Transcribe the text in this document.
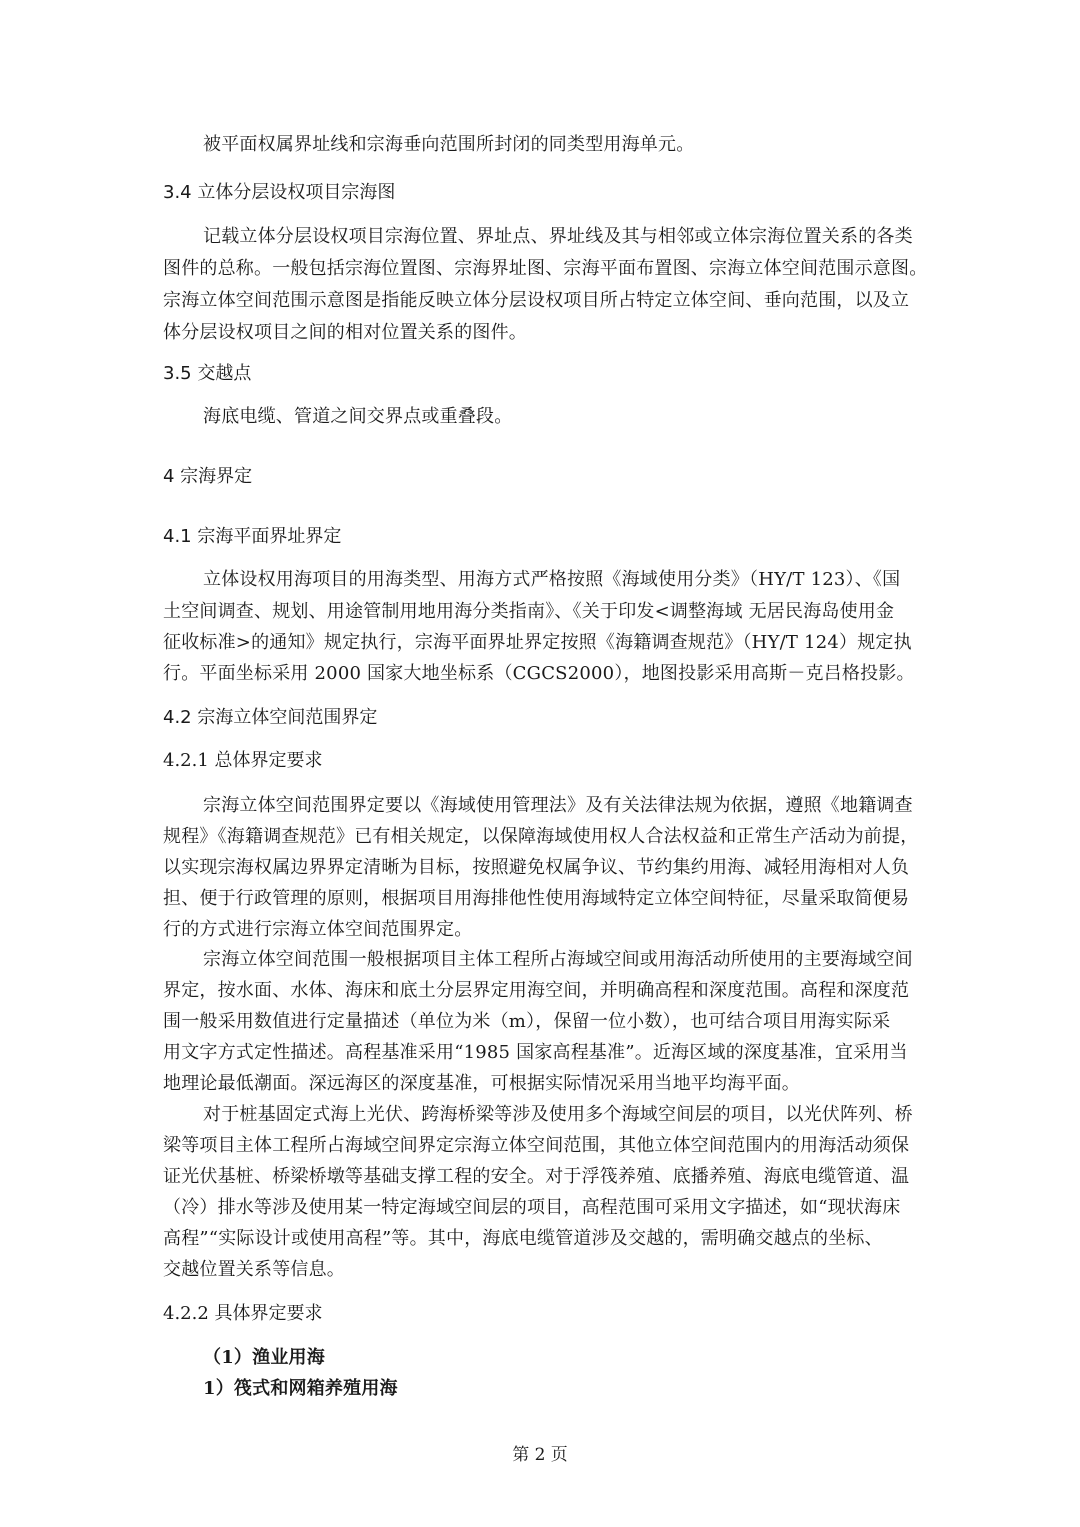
被平面权属界址线和宗海垂向范围所封闭的同类型用海单元。
3.4 立体分层设权项目宗海图
记载立体分层设权项目宗海位置、界址点、界址线及其与相邻或立体宗海位置关系的各类
图件的总称。一般包括宗海位置图、宗海界址图、宗海平面布置图、宗海立体空间范围示意图。
宗海立体空间范围示意图是指能反映立体分层设权项目所占特定立体空间、垂向范围，以及立
体分层设权项目之间的相对位置关系的图件。
3.5 交越点
海底电缆、管道之间交界点或重叠段。
4 宗海界定
4.1 宗海平面界址界定
立体设权用海项目的用海类型、用海方式严格按照《海域使用分类》（HY/T 123）、《国
土空间调查、规划、用途管制用地用海分类指南》、《关于印发<调整海域 无居民海岛使用金
征收标准>的通知》规定执行，宗海平面界址界定按照《海籍调查规范》（HY/T 124）规定执
行。平面坐标采用 2000 国家大地坐标系（CGCS2000），地图投影采用高斯－克吕格投影。
4.2 宗海立体空间范围界定
4.2.1 总体界定要求
宗海立体空间范围界定要以《海域使用管理法》及有关法律法规为依据，遵照《地籍调查
规程》《海籍调查规范》已有相关规定，以保障海域使用权人合法权益和正常生产活动为前提，
以实现宗海权属边界界定清晰为目标，按照避免权属争议、节约集约用海、减轻用海相对人负
担、便于行政管理的原则，根据项目用海排他性使用海域特定立体空间特征，尽量采取简便易
行的方式进行宗海立体空间范围界定。
宗海立体空间范围一般根据项目主体工程所占海域空间或用海活动所使用的主要海域空间
界定，按水面、水体、海床和底土分层界定用海空间，并明确高程和深度范围。高程和深度范
围一般采用数值进行定量描述（单位为米（m），保留一位小数），也可结合项目用海实际采
用文字方式定性描述。高程基准采用“1985 国家高程基准”。近海区域的深度基准，宜采用当
地理论最低潮面。深远海区的深度基准，可根据实际情况采用当地平均海平面。
对于桩基固定式海上光伏、跨海桥梁等涉及使用多个海域空间层的项目，以光伏阵列、桥
梁等项目主体工程所占海域空间界定宗海立体空间范围，其他立体空间范围内的用海活动须保
证光伏基桩、桥梁桥墩等基础支撑工程的安全。对于浮筏养殖、底播养殖、海底电缆管道、温
（冷）排水等涉及使用某一特定海域空间层的项目，高程范围可采用文字描述，如“现状海床
高程”“实际设计或使用高程”等。其中，海底电缆管道涉及交越的，需明确交越点的坐标、
交越位置关系等信息。
4.2.2 具体界定要求
（1）渔业用海
1）筏式和网箱养殖用海
第 2 页
